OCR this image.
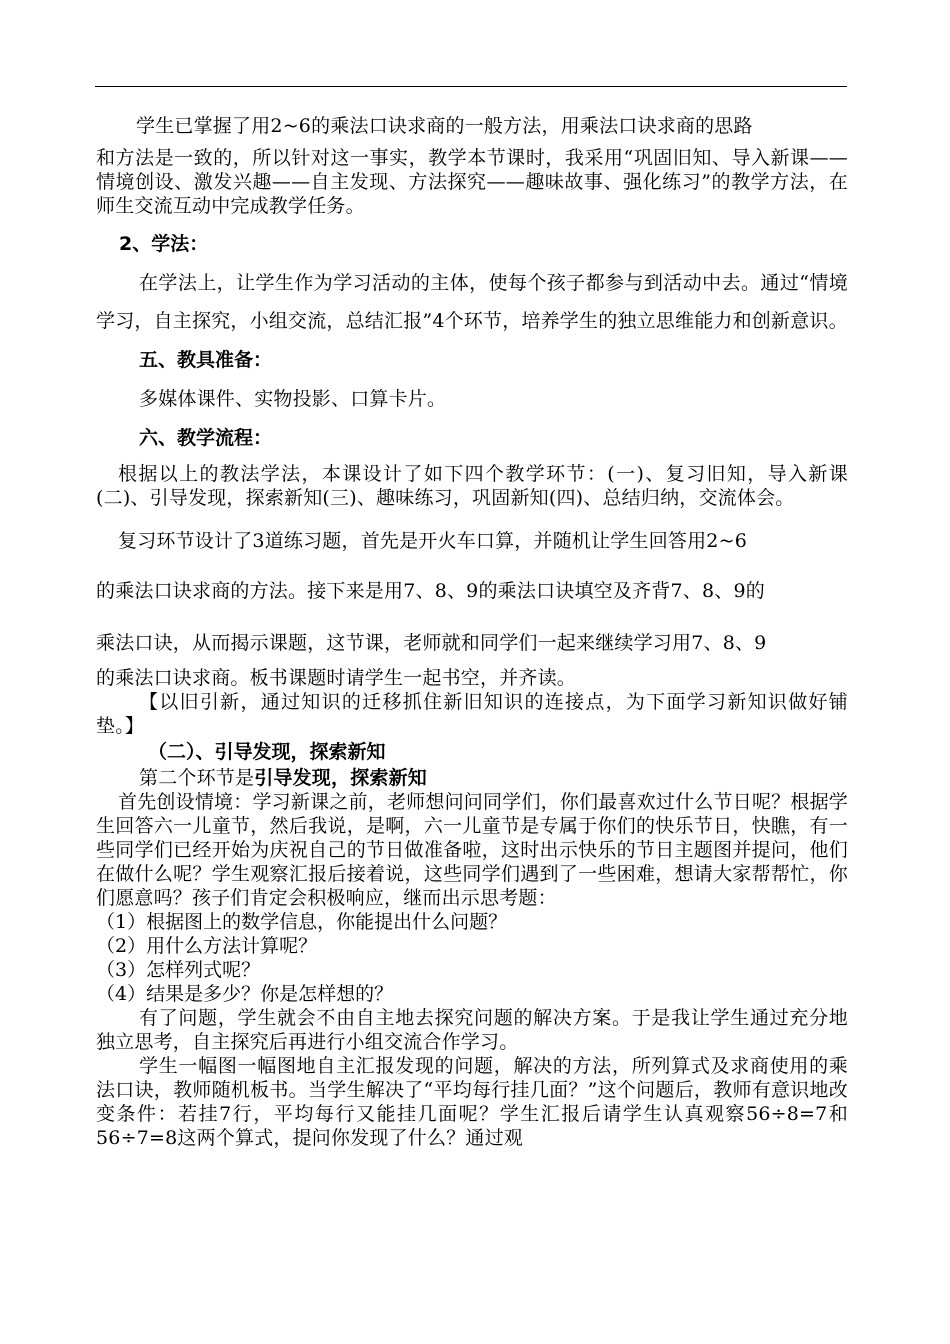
学生已掌握了用2~6的乘法口诀求商的一般方法，用乘法口诀求商的思路

和方法是一致的，所以针对这一事实，教学本节课时，我采用“巩固旧知、导入新课——情境创设、激发兴趣——自主发现、方法探究——趣味故事、强化练习”的教学方法，在师生交流互动中完成教学任务。

2、学法：

在学法上，让学生作为学习活动的主体，使每个孩子都参与到活动中去。通过“情境学习，自主探究，小组交流，总结汇报”4个环节，培养学生的独立思维能力和创新意识。

五、教具准备：

多媒体课件、实物投影、口算卡片。

六、教学流程：

根据以上的教法学法，本课设计了如下四个教学环节：(一)、复习旧知，导入新课(二)、引导发现，探索新知(三)、趣味练习，巩固新知(四)、总结归纳，交流体会。

复习环节设计了3道练习题，首先是开火车口算，并随机让学生回答用2~6

的乘法口诀求商的方法。接下来是用7、8、9的乘法口诀填空及齐背7、8、9的

乘法口诀，从而揭示课题，这节课，老师就和同学们一起来继续学习用7、8、9

的乘法口诀求商。板书课题时请学生一起书空，并齐读。

【以旧引新，通过知识的迁移抓住新旧知识的连接点，为下面学习新知识做好铺垫。】

（二）、引导发现，探索新知

第二个环节是引导发现，探索新知

首先创设情境：学习新课之前，老师想问问同学们，你们最喜欢过什么节日呢？根据学生回答六一儿童节，然后我说，是啊，六一儿童节是专属于你们的快乐节日，快瞧，有一些同学们已经开始为庆祝自己的节日做准备啦，这时出示快乐的节日主题图并提问，他们在做什么呢？学生观察汇报后接着说，这些同学们遇到了一些困难，想请大家帮帮忙，你们愿意吗？孩子们肯定会积极响应，继而出示思考题：

（1）根据图上的数学信息，你能提出什么问题？

（2）用什么方法计算呢？

（3）怎样列式呢？

（4）结果是多少？你是怎样想的？

有了问题，学生就会不由自主地去探究问题的解决方案。于是我让学生通过充分地独立思考，自主探究后再进行小组交流合作学习。

学生一幅图一幅图地自主汇报发现的问题，解决的方法，所列算式及求商使用的乘法口诀，教师随机板书。当学生解决了“平均每行挂几面？”这个问题后，教师有意识地改变条件：若挂7行，平均每行又能挂几面呢？学生汇报后请学生认真观察56÷8=7和56÷7=8这两个算式，提问你发现了什么？通过观
